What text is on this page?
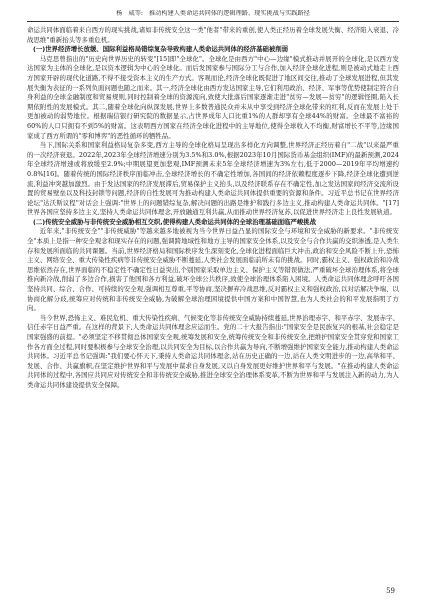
杨　威等: 推动构建人类命运共同体的逻辑理路、现实挑战与实践路径

命运共同体面临着来自西方的现实挑战,诸如非传统安全这一类"他者"带来的重创,使人类正经历着全球发展失衡、经济陷入衰退、冷战思维"重新抬头等多重危机。

(一)世界经济增长放缓、国际利益格局错综复杂导致构建人类命运共同体的经济基础被削弱

马克思曾指出的"历史向世界历史的转变"[15]即"全球化"。全球化是由西方"中心—边缘"模式推动并展开的全球化,是以西方发达国家为主体的全球化,是以资本逻辑为中心的全球化。而后发国家参与国际分工与合作,加入经济全球化进程,则是被动式地走上西方国家开辟的现代化道路,不得不接受资本主义的生产方式。客观而论,经济全球化既促进了地区间交往,推动了全球发展进程,但其发展失衡为表征的一系列负面问题也随之而来。其一,经济全球化由西方发达国家主导,它们利用政治、经济、军事等优势使制定符合自身利益的全球金融制度和贸易规则,同时控制着全球的资源流向,致使大批落后国家逐渐走进"贫穷—发展—贫穷"的逻辑怪圈,陷入长期依附性的发展模式。其二,随着全球化向纵深发展,世界上多数普通民众并未从中享受到经济全球化带来的红利,反而在发展上处于更加被动的弱势地位。根据瑞信银行研究院的数据显示,占世界成年人口比重1%的人群却享有全球44%的财富。全球最不富裕的60%的人口只拥有不到5%的财富。这表明西方国家在经济全球化进程中的主导地位,使得全球收入不均衡,财富增长不平等,边缘国家成了西方所谓的"零和博弈"的恶性循环的牺牲品。

当下,国际关系和国家利益格局复杂多变,西方主导的全球化格局呈现出多样化方向调整,世界经济正经历着自"二战"以来最严重的一次经济衰退。2022年,2023年全球经济增速分别为3.5%和3.0%,根据2023年10月国际货币基金组织(IMF)的最新预测,2024年全球经济增速或将放缓至2.9%;中期展望更加悲观,IMF预测未来5年全球经济增速为3%左右,低于2000—2019年平均增速约0.8%[16]。随着传统的国际经济秩序面临冲击,全球经济增长的不确定性增加,各国间的经济依赖程度逐步下降,经济全球化遭到逆流,利益冲突越加激烈。由于发达国家的经济发展滞后,贸易保护主义抬头,以及经济联系存在不确定性,加之发达国家间经济交流所设置的贸易壁垒以及科技封锁等问题,经济的自性发展可为推动构建人类命运共同体提供重要的资源和条件。习近平总书记在世界经济论坛"达沃斯议程"对话会上强调:"世界上的问题错综复杂,解决问题的出路是维护和践行多边主义,推动构建人类命运共同体。"[17]世界各国应坚持多边主义,坚持人类命运共同体理念,开放融通互利共赢,从而推动世界经济复苏,以促进世界经济走上良性发展轨道。

(二)传统安全威胁与非传统安全威胁相互交织,使得构建人类命运共同体的全球治理基础面临严峻挑战

近年来,"非传统安全""非传统威胁"等越来越多地被视为当今世界日益凸显的国际安全与环境和安全威胁的新要求。"非传统安全"本质上是指一种安全观念和现实存在的问题,强调跨地域性和地方主导的国家安全体系,以及安全与合作共赢的交织渗透,是人类生存和发展所面临的共同课题。当前,世界经济格局和国际秩序发生深刻变化,全球化进程面临巨大冲击,政治和安全风险不断上升,恐怖主义、网络安全、重大传染性疾病等非传统安全威胁不断蔓延,人类社会发展面临前所未有的挑战。同时,霸权主义、强权政治和冷战思维依然存在,世界面临的不稳定性不确定性日益突出,个别国家采取单边主义、保护主义等错误做法,严重破坏全球治理体系,将全球推向新冷战,削弱了多边合作,损害了他国和各方利益,破坏全球公共秩序,致使全球治理体系陷入困境。人类命运共同体理念呼吁各国坚持共同、综合、合作、可持续的安全观,强调相互尊重,平等协商,坚决摒弃冷战思维,反对霸权主义和强权政治,以对话解决争端、以协商化解分歧,统筹应对传统和非传统安全威胁,为破解全球治理困境提供中国方案和中国智慧,也为人类社会的和平发展指明了方向。

当今世界,恐怖主义、难民危机、重大传染性疾病、气候变化等非传统安全威胁持续蔓延,世界治理赤字、和平赤字、发展赤字、信任赤字日益严重。在这样的背景下,人类命运共同体理念应运而生。党的二十大报告指出:"国家安全是民族复兴的根基,社会稳定是国家强盛的前提。"必须坚定不移贯彻总体国家安全观,统筹发展和安全,统筹传统安全和非传统安全,把维护国家安全贯穿党和国家工作各方面全过程,同时要积极参与全球安全治理,以共同安全为目标,以合作共赢为导向,不断增强维护国家安全能力,推动构建人类命运共同体。习近平总书记强调:"我们要心怀天下,秉持人类命运共同体理念,站在历史正确的一边,站在人类文明进步的一边,高举和平、发展、合作、共赢旗帜,在坚定维护世界和平与发展中谋求自身发展,又以自身发展更好维护世界和平与发展。"在推动构建人类命运共同体的过程中,各国应共同应对传统安全和非传统安全威胁,推进全球安全治理体系变革,不断为世界和平与发展注入新的动力,为人类命运共同体建设提供安全保障。

59
